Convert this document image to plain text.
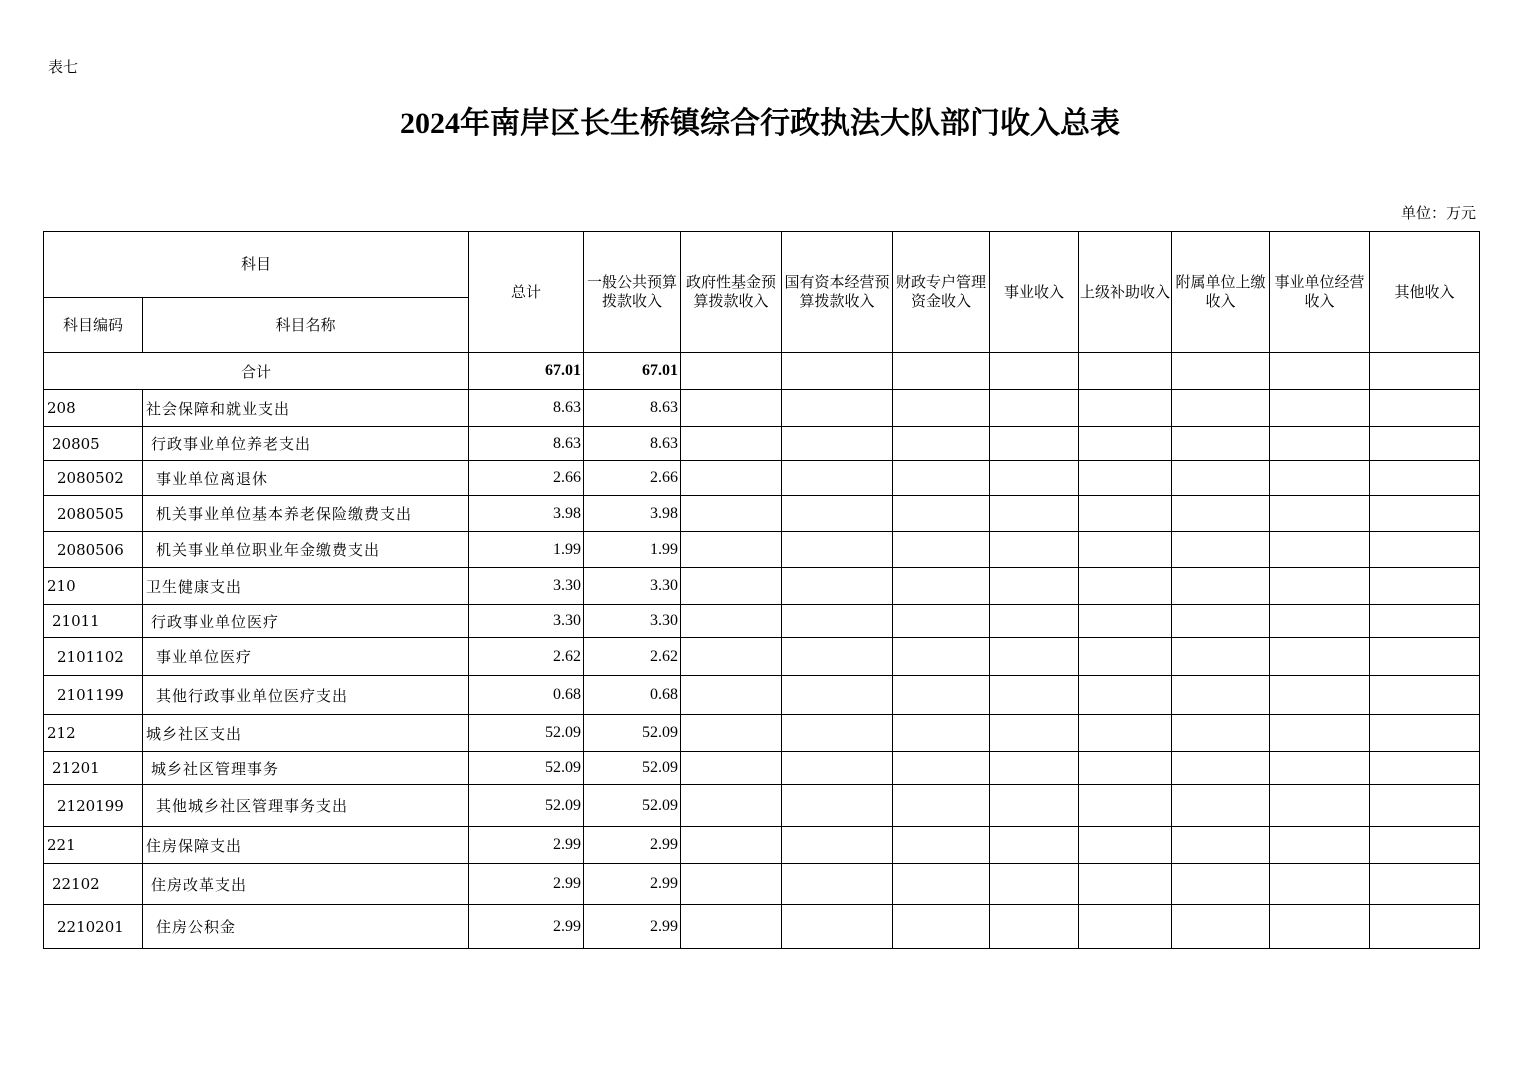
表七
2024年南岸区长生桥镇综合行政执法大队部门收入总表
单位：万元
科目		总计	一般公共预算拨款收入	政府性基金预算拨款收入	国有资本经营预算拨款收入	财政专户管理资金收入	事业收入	上级补助收入	附属单位上缴收入	事业单位经营收入	其他收入
科目编码	科目名称										
合计		67.01	67.01								
208	社会保障和就业支出	8.63	8.63								
20805	行政事业单位养老支出	8.63	8.63								
2080502	事业单位离退休	2.66	2.66								
2080505	机关事业单位基本养老保险缴费支出	3.98	3.98								
2080506	机关事业单位职业年金缴费支出	1.99	1.99								
210	卫生健康支出	3.30	3.30								
21011	行政事业单位医疗	3.30	3.30								
2101102	事业单位医疗	2.62	2.62								
2101199	其他行政事业单位医疗支出	0.68	0.68								
212	城乡社区支出	52.09	52.09								
21201	城乡社区管理事务	52.09	52.09								
2120199	其他城乡社区管理事务支出	52.09	52.09								
221	住房保障支出	2.99	2.99								
22102	住房改革支出	2.99	2.99								
2210201	住房公积金	2.99	2.99								
